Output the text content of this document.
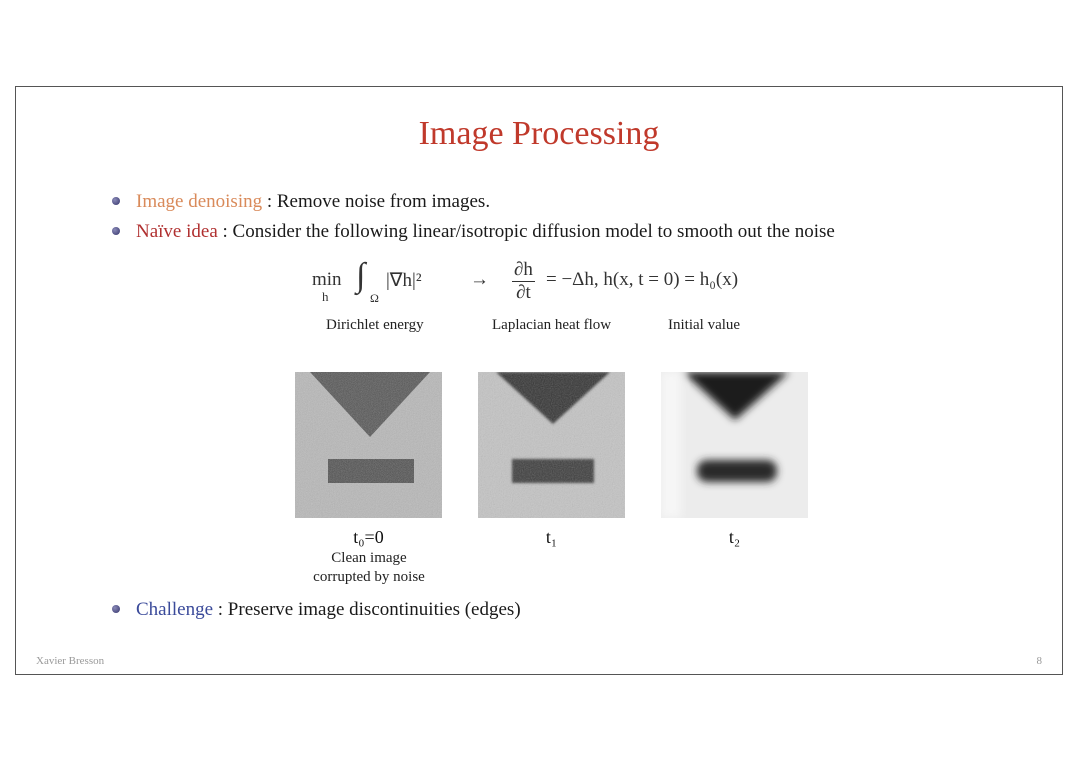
Image Processing
Image denoising : Remove noise from images.
Naïve idea : Consider the following linear/isotropic diffusion model to smooth out the noise
min
h
∫
Ω
|∇h|²	→ $\frac{\partial h}{\partial t} = -\Delta h$, h(x, t = 0) = h₀(x)
Dirichlet energy	Laplacian heat flow	Initial value
t₀=0	t₁	t₂
Clean image
corrupted by noise
Challenge : Preserve image discontinuities (edges)
Xavier Bresson	8
